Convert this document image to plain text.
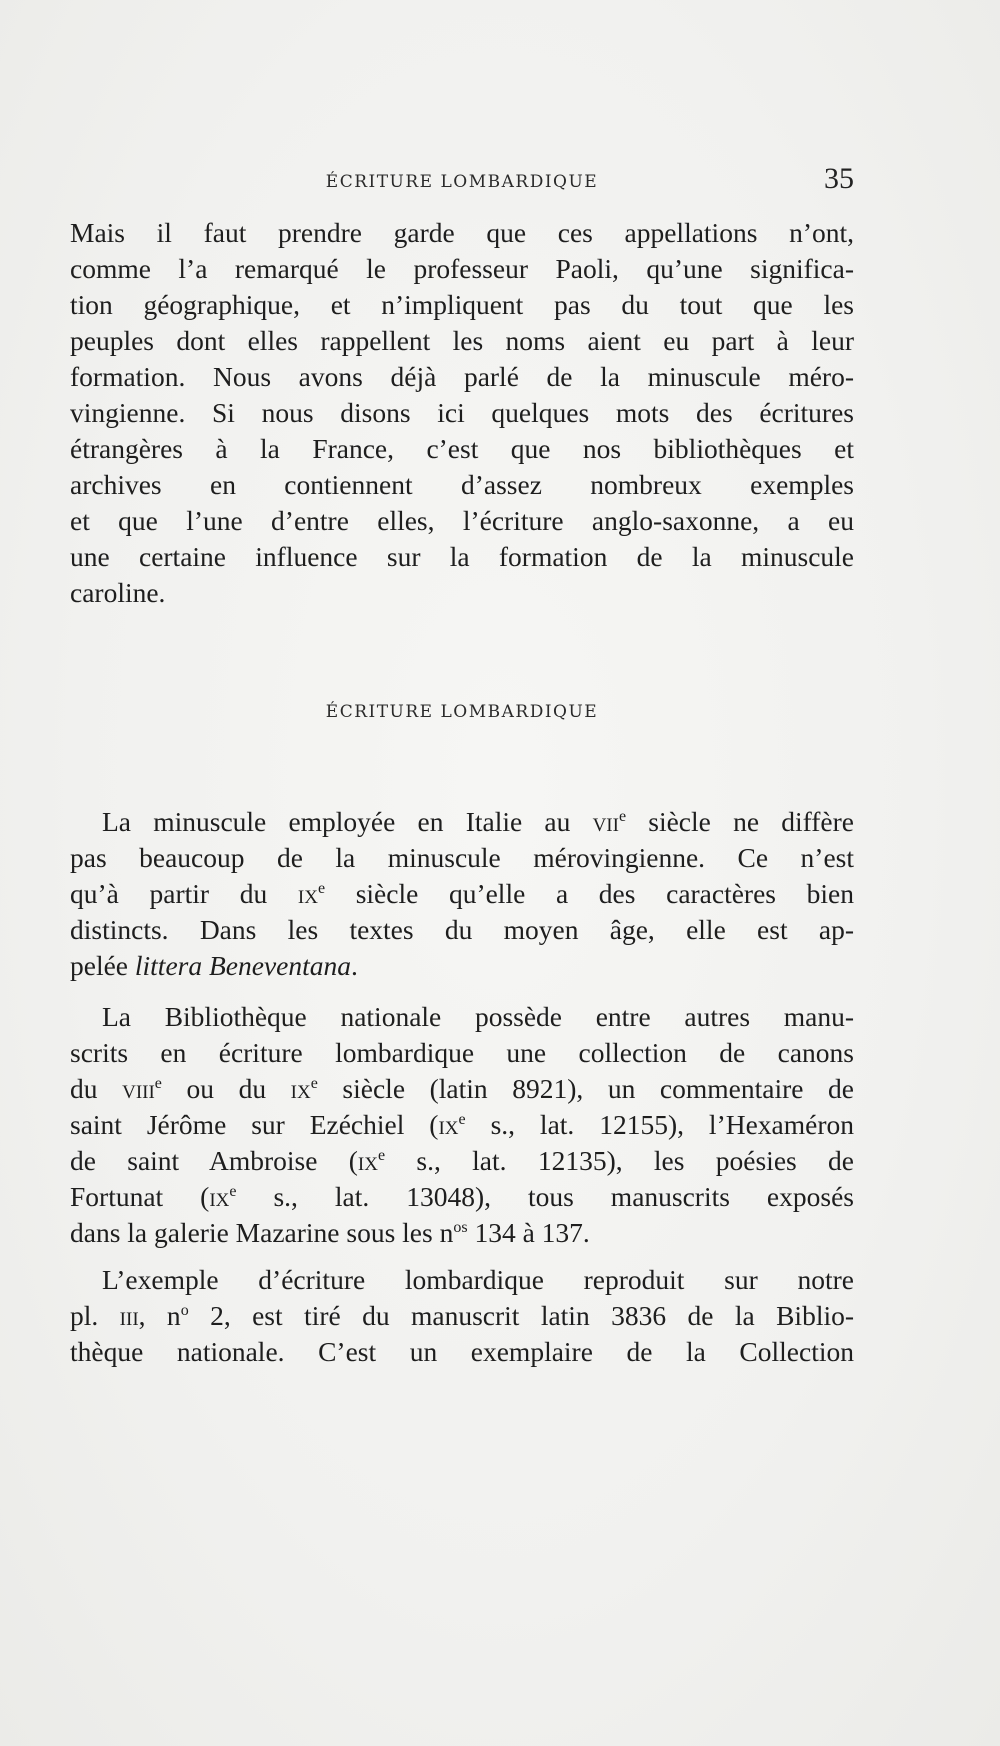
ÉCRITURE LOMBARDIQUE	35
Mais il faut prendre garde que ces appellations n’ont,
comme l’a remarqué le professeur Paoli, qu’une significa-
tion géographique, et n’impliquent pas du tout que les
peuples dont elles rappellent les noms aient eu part à leur
formation. Nous avons déjà parlé de la minuscule méro-
vingienne. Si nous disons ici quelques mots des écritures
étrangères à la France, c’est que nos bibliothèques et
archives en contiennent d’assez nombreux exemples
et que l’une d’entre elles, l’écriture anglo-saxonne, a eu
une certaine influence sur la formation de la minuscule
caroline.
ÉCRITURE LOMBARDIQUE
La minuscule employée en Italie au vii$^e$ siècle ne diffère
pas beaucoup de la minuscule mérovingienne. Ce n’est
qu’à partir du $ix^e$ siècle qu’elle a des caractères bien
distincts. Dans les textes du moyen âge, elle est ap-
pelée littera Beneventana.
La Bibliothèque nationale possède entre autres manu-
scrits en écriture lombardique une collection de canons
du viii$^e$ ou du $ix^e$ siècle (latin 8921), un commentaire de
saint Jérôme sur Ezéchiel ($ix^e$ s., lat. 12155), l’Hexaméron
de saint Ambroise ($ix^e$ s., lat. 12135), les poésies de
Fortunat ($ix^e$ s., lat. 13048), tous manuscrits exposés
dans la galerie Mazarine sous les $n^{os}$ 134 à 137.
L’exemple d’écriture lombardique reproduit sur notre
pl. iii, $n^o$ 2, est tiré du manuscrit latin 3836 de la Biblio-
thèque nationale. C’est un exemplaire de la Collection
